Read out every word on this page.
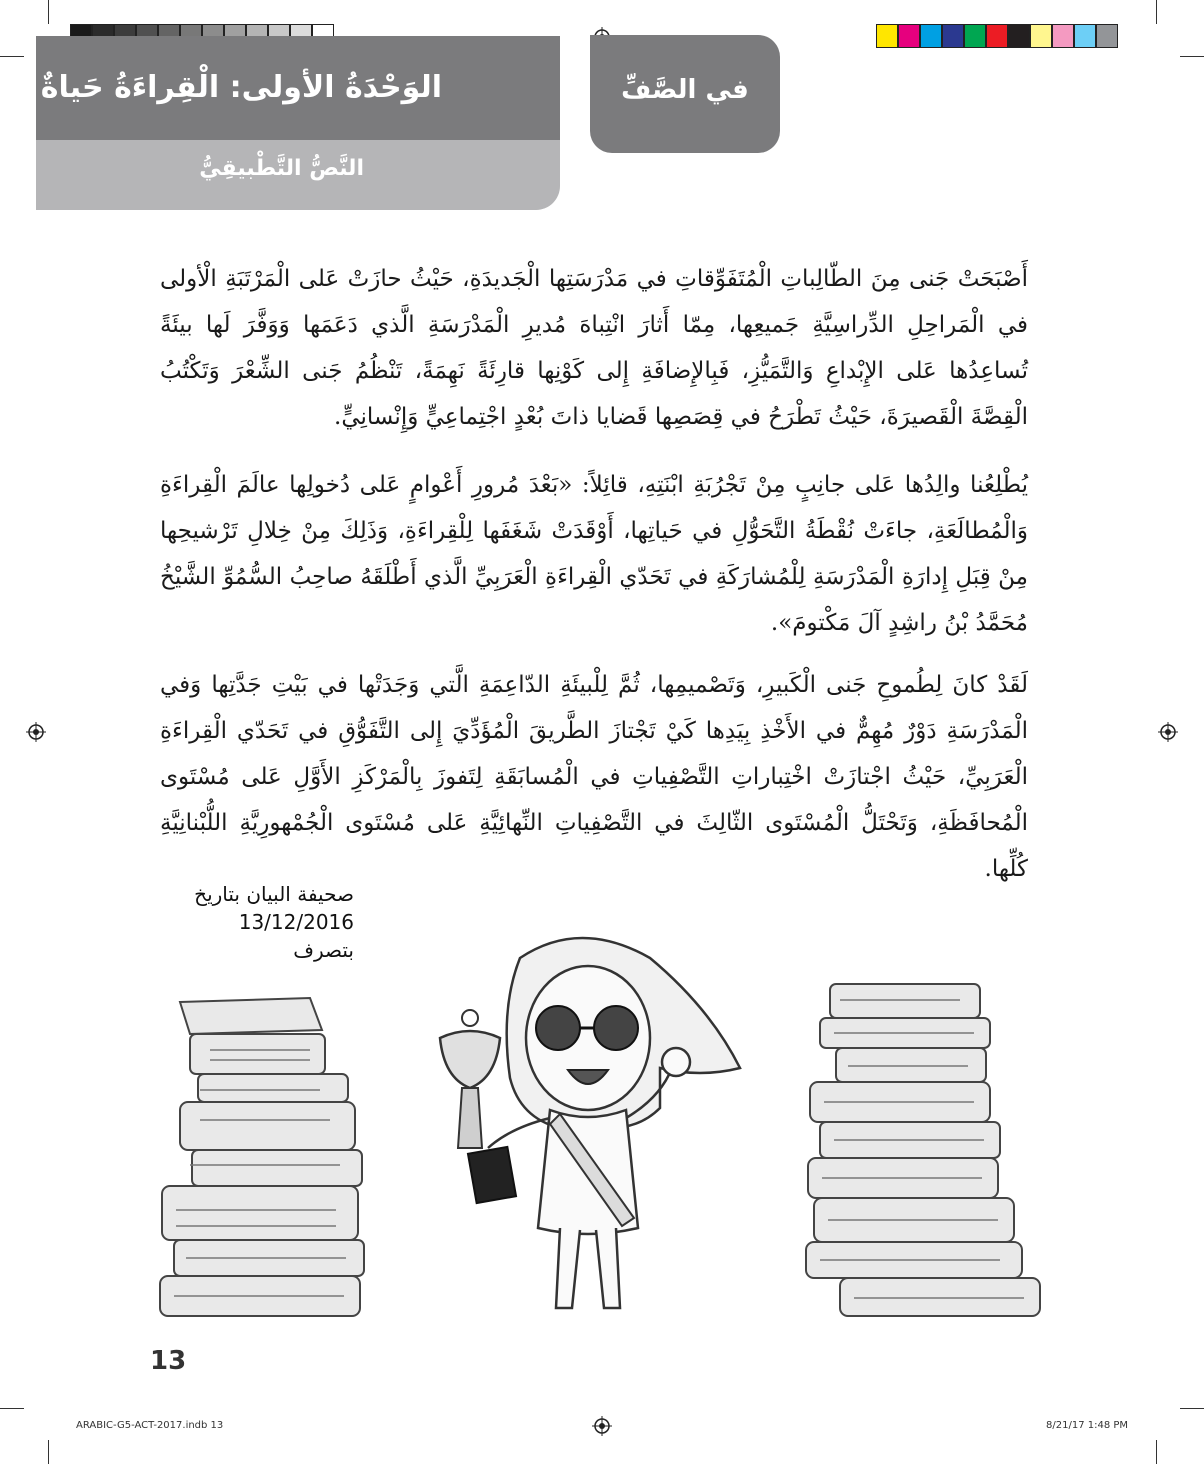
الوَحْدَةُ الأولى: الْقِراءَةُ حَياةٌ
النَّصُّ التَّطْبيقِيُّ
في الصَّفِّ
أَصْبَحَتْ جَنى مِنَ الطّالِباتِ الْمُتَفَوِّقاتِ في مَدْرَسَتِها الْجَديدَةِ، حَيْثُ حازَتْ عَلى الْمَرْتَبَةِ الْأولى في الْمَراحِلِ الدِّراسِيَّةِ جَميعِها، مِمّا أَثارَ انْتِباهَ مُديرِ الْمَدْرَسَةِ الَّذي دَعَمَها وَوَفَّرَ لَها بيئَةً تُساعِدُها عَلى الإِبْداعِ وَالتَّمَيُّزِ، فَبِالإِضافَةِ إِلى كَوْنِها قارِئَةً نَهِمَةً، تَنْظُمُ جَنى الشِّعْرَ وَتَكْتُبُ الْقِصَّةَ الْقَصيرَةَ، حَيْثُ تَطْرَحُ في قِصَصِها قَضايا ذاتَ بُعْدٍ اجْتِماعِيٍّ وَإِنْسانِيٍّ.
يُطْلِعُنا والِدُها عَلى جانِبٍ مِنْ تَجْرُبَةِ ابْنَتِهِ، قائِلاً: «بَعْدَ مُرورِ أَعْوامٍ عَلى دُخولِها عالَمَ الْقِراءَةِ وَالْمُطالَعَةِ، جاءَتْ نُقْطَةُ التَّحَوُّلِ في حَياتِها، أَوْقَدَتْ شَغَفَها لِلْقِراءَةِ، وَذَلِكَ مِنْ خِلالِ تَرْشيحِها مِنْ قِبَلِ إِدارَةِ الْمَدْرَسَةِ لِلْمُشارَكَةِ في تَحَدّي الْقِراءَةِ الْعَرَبِيِّ الَّذي أَطْلَقَهُ صاحِبُ السُّمُوِّ الشَّيْخُ مُحَمَّدُ بْنُ راشِدٍ آلَ مَكْتومَ».
لَقَدْ كانَ لِطُموحِ جَنى الْكَبيرِ، وَتَصْميمِها، ثُمَّ لِلْبيئَةِ الدّاعِمَةِ الَّتي وَجَدَتْها في بَيْتِ جَدَّتِها وَفي الْمَدْرَسَةِ دَوْرٌ مُهِمٌّ في الأَخْذِ بِيَدِها كَيْ تَجْتازَ الطَّريقَ الْمُؤَدِّيَ إِلى التَّفَوُّقِ في تَحَدّي الْقِراءَةِ الْعَرَبِيِّ، حَيْثُ اجْتازَتْ اخْتِباراتِ التَّصْفِياتِ في الْمُسابَقَةِ لِتَفوزَ بِالْمَرْكَزِ الأَوَّلِ عَلى مُسْتَوى الْمُحافَظَةِ، وَتَحْتَلُّ الْمُسْتَوى الثّالِثَ في التَّصْفِياتِ النِّهائِيَّةِ عَلى مُسْتَوى الْجُمْهورِيَّةِ اللُّبْنانِيَّةِ كُلِّها.
صحيفة البيان بتاريخ
13/12/2016
بتصرف
13
ARABIC-G5-ACT-2017.indb 13	8/21/17 1:48 PM
